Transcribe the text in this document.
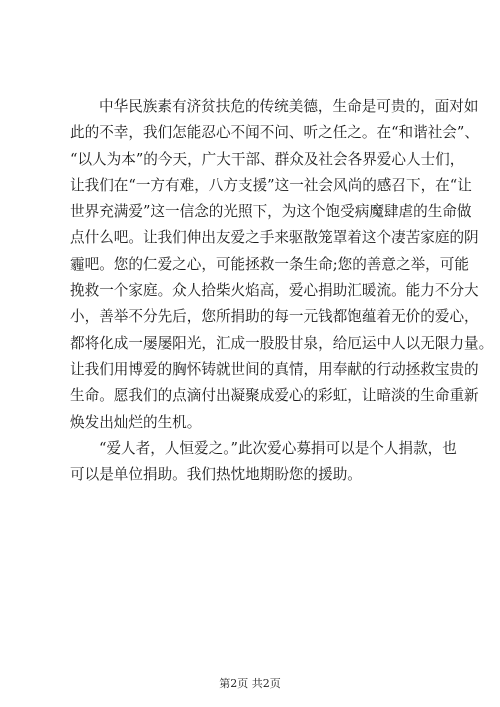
中华民族素有济贫扶危的传统美德，生命是可贵的，面对如
此的不幸，我们怎能忍心不闻不问、听之任之。在“和谐社会”、
“以人为本”的今天，广大干部、群众及社会各界爱心人士们，
让我们在“一方有难，八方支援”这一社会风尚的感召下，在“让
世界充满爱”这一信念的光照下，为这个饱受病魔肆虐的生命做
点什么吧。让我们伸出友爱之手来驱散笼罩着这个凄苦家庭的阴
霾吧。您的仁爱之心，可能拯救一条生命;您的善意之举，可能
挽救一个家庭。众人拾柴火焰高，爱心捐助汇暖流。能力不分大
小，善举不分先后，您所捐助的每一元钱都饱蕴着无价的爱心，
都将化成一屡屡阳光，汇成一股股甘泉，给厄运中人以无限力量。
让我们用博爱的胸怀铸就世间的真情，用奉献的行动拯救宝贵的
生命。愿我们的点滴付出凝聚成爱心的彩虹，让暗淡的生命重新
焕发出灿烂的生机。
“爱人者，人恒爱之。”此次爱心募捐可以是个人捐款，也
可以是单位捐助。我们热忱地期盼您的援助。
第2页 共2页
